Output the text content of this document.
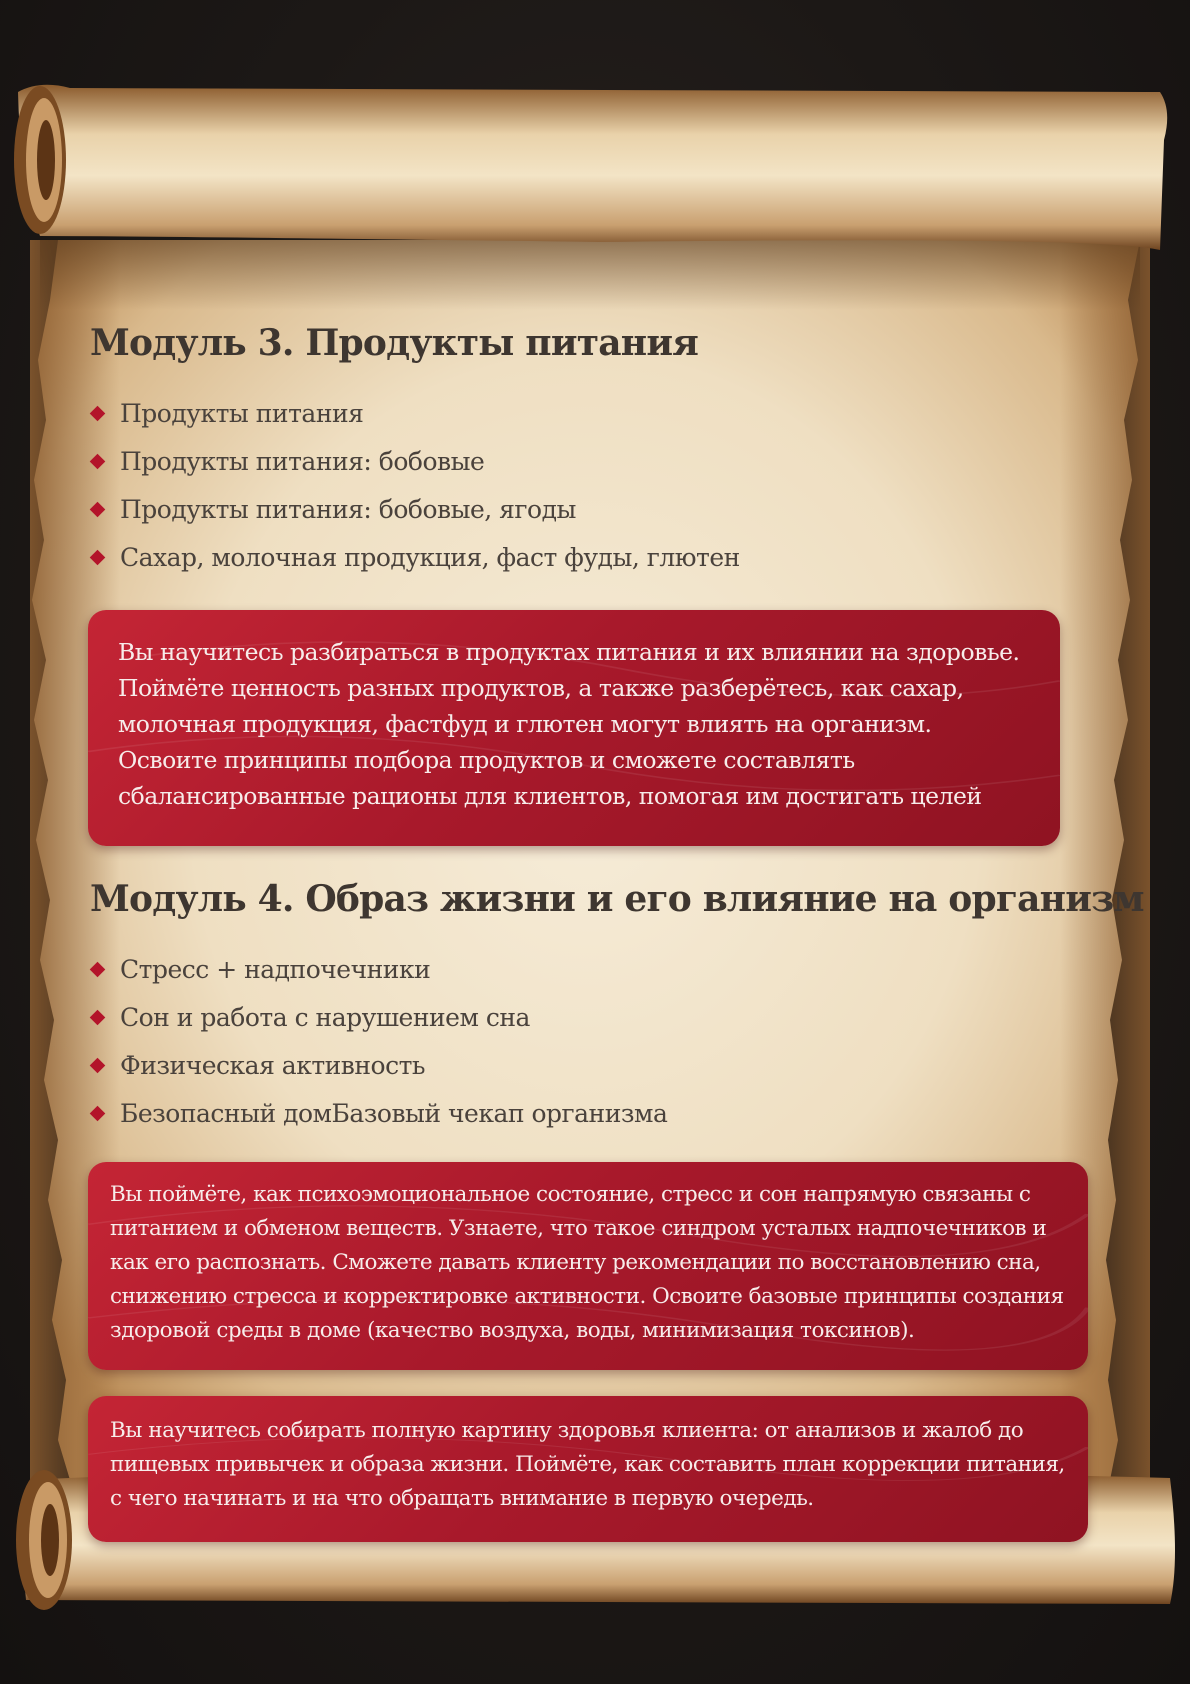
Модуль 3. Продукты питания
Продукты питания
Продукты питания: бобовые
Продукты питания: бобовые, ягоды
Сахар, молочная продукция, фаст фуды, глютен

Вы научитесь разбираться в продуктах питания и их влиянии на здоровье. Поймёте ценность разных продуктов, а также разберётесь, как сахар, молочная продукция, фастфуд и глютен могут влиять на организм. Освоите принципы подбора продуктов и сможете составлять сбалансированные рационы для клиентов, помогая им достигать целей

Модуль 4. Образ жизни и его влияние на организм
Стресс + надпочечники
Сон и работа с нарушением сна
Физическая активность
Безопасный домБазовый чекап организма

Вы поймёте, как психоэмоциональное состояние, стресс и сон напрямую связаны с питанием и обменом веществ. Узнаете, что такое синдром усталых надпочечников и как его распознать. Сможете давать клиенту рекомендации по восстановлению сна, снижению стресса и корректировке активности. Освоите базовые принципы создания здоровой среды в доме (качество воздуха, воды, минимизация токсинов).

Вы научитесь собирать полную картину здоровья клиента: от анализов и жалоб до пищевых привычек и образа жизни. Поймёте, как составить план коррекции питания, с чего начинать и на что обращать внимание в первую очередь.
